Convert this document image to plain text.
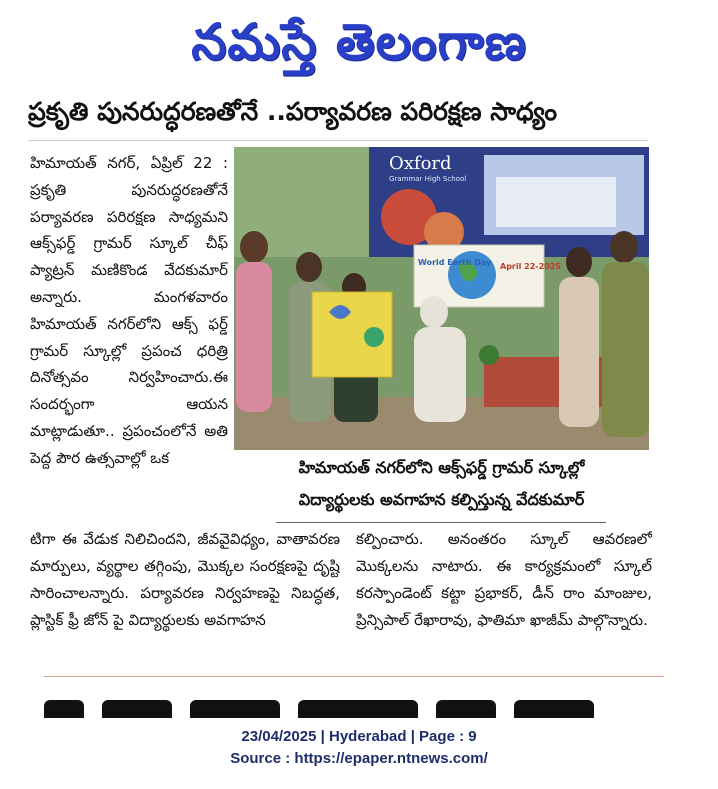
నమస్తే తెలంగాణ
ప్రకృతి పునరుద్ధరణతోనే ..పర్యావరణ పరిరక్షణ సాధ్యం
హిమాయత్ నగర్, ఏప్రిల్ 22 : ప్రకృతి పునరుద్ధరణతోనే పర్యావరణ పరిరక్షణ సాధ్యమని ఆక్స్‌ఫర్డ్ గ్రామర్ స్కూల్ చీఫ్ ప్యాట్రన్ మణికొండ వేదకుమార్ అన్నారు. మంగళవారం హిమాయత్ నగర్‌లోని ఆక్స్ ఫర్డ్ గ్రామర్ స్కూల్లో ప్రపంచ ధరిత్రి దినోత్సవం నిర్వహించారు.ఈ సందర్భంగా ఆయన మాట్లాడుతూ.. ప్రపంచంలోనే అతి పెద్ద పౌర ఉత్సవాల్లో ఒక
Oxford
Grammar High School
World Earth Day April 22-2025
హిమాయత్ నగర్‌లోని ఆక్స్‌ఫర్డ్ గ్రామర్ స్కూల్లో
విద్యార్థులకు అవగాహన కల్పిస్తున్న వేదకుమార్
టిగా ఈ వేడుక నిలిచిందని, జీవవైవిధ్యం, వాతావరణ మార్పులు, వ్యర్థాల తగ్గింపు, మొక్కల సంరక్షణపై దృష్టి సారించాలన్నారు. పర్యావరణ నిర్వహణపై నిబద్ధత, ప్లాస్టిక్ ఫ్రీ జోన్ పై విద్యార్థులకు అవగాహన
కల్పించారు. అనంతరం స్కూల్ ఆవరణలో మొక్కలను నాటారు. ఈ కార్యక్రమంలో స్కూల్ కరస్పాండెంట్ కట్టా ప్రభాకర్, డీన్ రాం మాంజుల, ప్రిన్సిపాల్ రేఖారావు, ఫాతిమా ఖాజీమ్ పాల్గొన్నారు.
23/04/2025 | Hyderabad | Page : 9
Source : https://epaper.ntnews.com/
